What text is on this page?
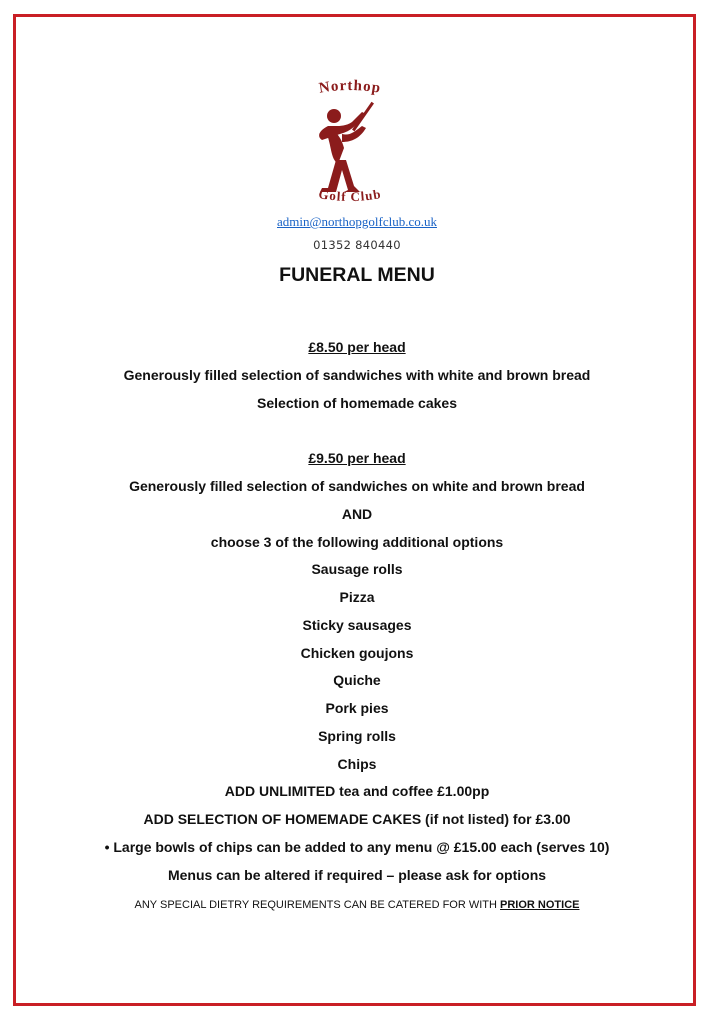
Northop
Golf Club
admin@northopgolfclub.co.uk
01352 840440
FUNERAL MENU
£8.50 per head
Generously filled selection of sandwiches with white and brown bread
Selection of homemade cakes
£9.50 per head
Generously filled selection of sandwiches on white and brown bread
AND
choose 3 of the following additional options
Sausage rolls
Pizza
Sticky sausages
Chicken goujons
Quiche
Pork pies
Spring rolls
Chips
ADD UNLIMITED tea and coffee £1.00pp
ADD SELECTION OF HOMEMADE CAKES (if not listed) for £3.00
• Large bowls of chips can be added to any menu @ £15.00 each (serves 10)
Menus can be altered if required – please ask for options
ANY SPECIAL DIETRY REQUIREMENTS CAN BE CATERED FOR WITH PRIOR NOTICE
